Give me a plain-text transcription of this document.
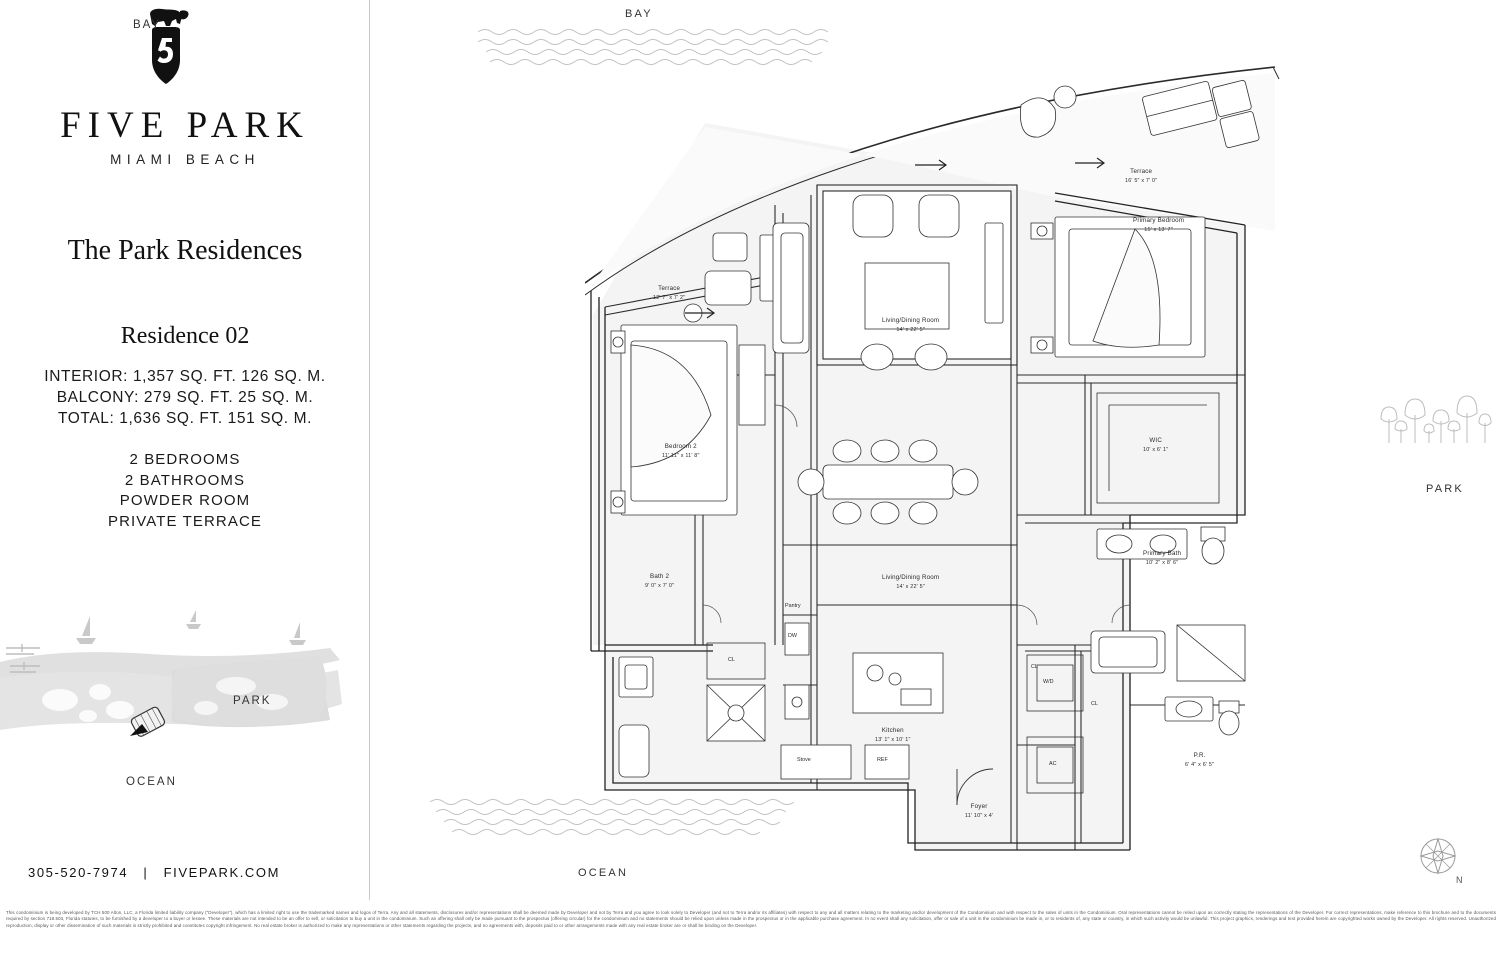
FIVE PARK
MIAMI BEACH
The Park Residences
Residence 02
INTERIOR: 1,357 SQ. FT. 126 SQ. M.
BALCONY: 279 SQ. FT. 25 SQ. M.
TOTAL: 1,636 SQ. FT. 151 SQ. M.
2 BEDROOMS
2 BATHROOMS
POWDER ROOM
PRIVATE TERRACE
BAY
PARK
OCEAN
305-520-7974 | FIVEPARK.COM
BAY
OCEAN
PARK
N
Terrace
16' 5" x 7' 0"
Terrace
12' 7" x 7' 2"
Primary Bedroom
15' x 13' 7"
Living/Dining Room
14' x 22' 5"
Bedroom 2
11' 11" x 11' 8"
WIC
10' x 6' 1"
Primary Bath
10' 2" x 8' 6"
Bath 2
9' 0" x 7' 0"
Living/Dining Room
14' x 22' 5"
Kitchen
13' 1" x 10' 1"
P.R.
6' 4" x 6' 5"
Foyer
11' 10" x 4'
CL
CL
CL
Pantry
DW
Stove	REF
W/D
AC
This condominium is being developed by TCH 500 Alton, LLC, a Florida limited liability company ("Developer"), which has a limited right to use the trademarked names and logos of Terra. Any and all statements, disclosures and/or representations shall be deemed made by Developer and not by Terra and you agree to look solely to Developer (and not to Terra and/or its affiliates) with respect to any and all matters relating to the marketing and/or development of the Condominium and with respect to the sales of units in the Condominium. Oral representations cannot be relied upon as correctly stating the representations of the Developer. For correct representations, make reference to this brochure and to the documents required by section 718.503, Florida statutes, to be furnished by a developer to a buyer or lessee. These materials are not intended to be an offer to sell, or solicitation to buy a unit in the condominium. Such an offering shall only be made pursuant to the prospectus (offering circular) for the condominium and no statements should be relied upon unless made in the prospectus or in the applicable purchase agreement. In no event shall any solicitation, offer or sale of a unit in the condominium be made in, or to residents of, any state or country, in which such activity would be unlawful. This project graphics, renderings and text provided herein are copyrighted works owned by the Developer. All rights reserved. Unauthorized reproduction, display or other dissemination of such materials is strictly prohibited and constitutes copyright infringement. No real estate broker is authorized to make any representations or other statements regarding the projects, and no agreements with, deposits paid to or other arrangements made with any real estate broker are or shall be binding on the Developer.
